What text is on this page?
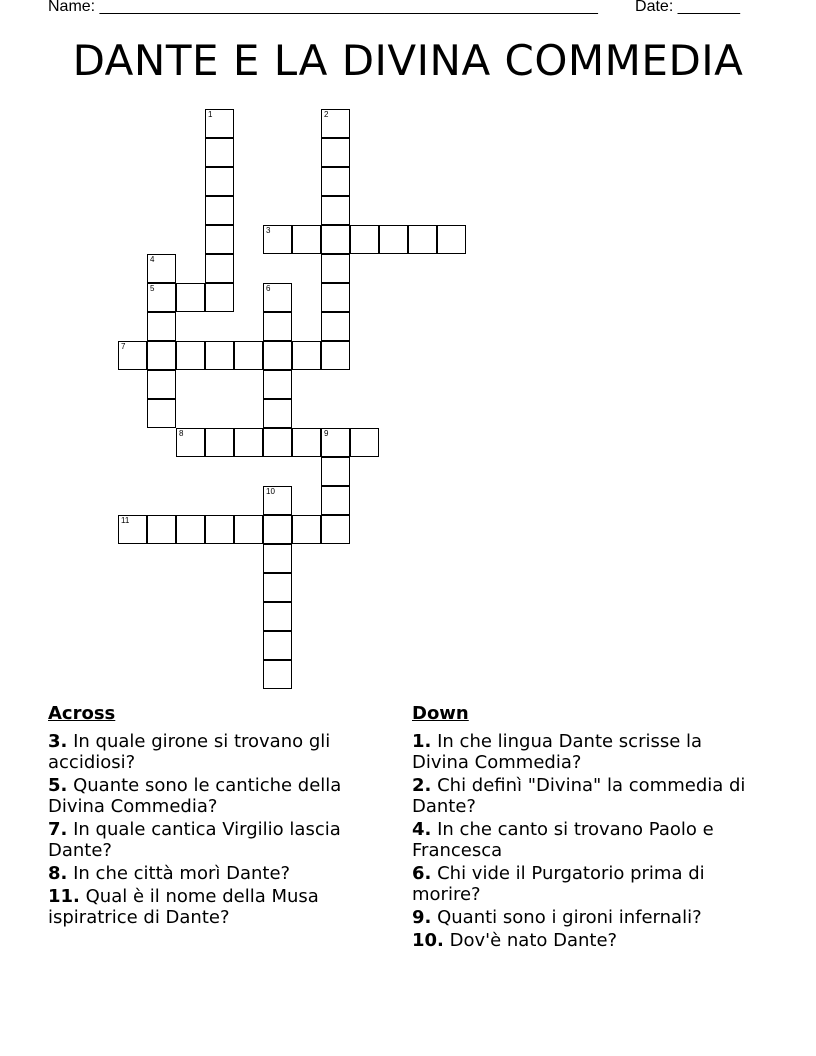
Name: ________________________________________________________ Date: _______
DANTE E LA DIVINA COMMEDIA
1	2
3
4
5	6
7
8	9
10
11
Across
3. In quale girone si trovano gli accidiosi?
5. Quante sono le cantiche della Divina Commedia?
7. In quale cantica Virgilio lascia Dante?
8. In che città morì Dante?
11. Qual è il nome della Musa ispiratrice di Dante?
Down
1. In che lingua Dante scrisse la Divina Commedia?
2. Chi definì "Divina" la commedia di Dante?
4. In che canto si trovano Paolo e Francesca
6. Chi vide il Purgatorio prima di morire?
9. Quanti sono i gironi infernali?
10. Dov'è nato Dante?
